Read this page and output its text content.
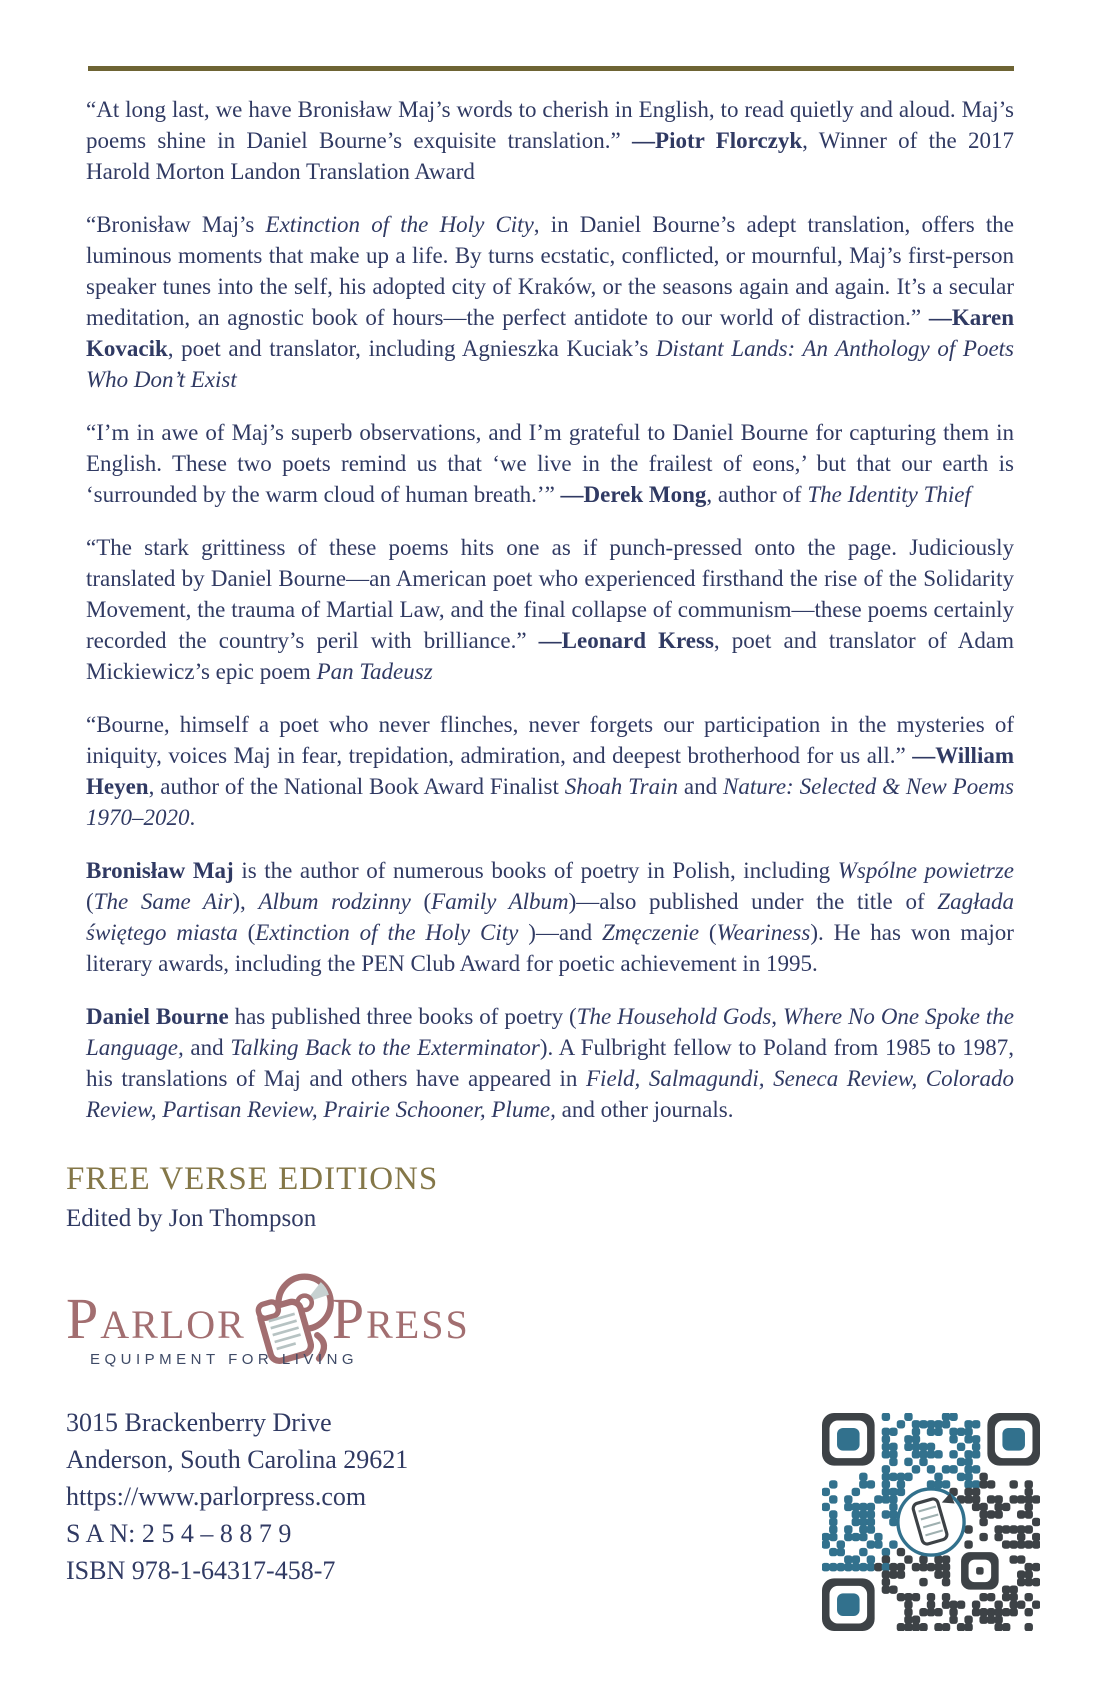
“At long last, we have Bronisław Maj’s words to cherish in English, to read quietly and aloud. Maj’s poems shine in Daniel Bourne’s exquisite translation.” —Piotr Florczyk, Winner of the 2017 Harold Morton Landon Translation Award

“Bronisław Maj’s Extinction of the Holy City, in Daniel Bourne’s adept translation, offers the luminous moments that make up a life. By turns ecstatic, conflicted, or mournful, Maj’s first-person speaker tunes into the self, his adopted city of Kraków, or the seasons again and again. It’s a secular meditation, an agnostic book of hours—the perfect antidote to our world of distraction.” —Karen Kovacik, poet and translator, including Agnieszka Kuciak’s Distant Lands: An Anthology of Poets Who Don’t Exist

“I’m in awe of Maj’s superb observations, and I’m grateful to Daniel Bourne for capturing them in English. These two poets remind us that ‘we live in the frailest of eons,’ but that our earth is ‘surrounded by the warm cloud of human breath.’” —Derek Mong, author of The Identity Thief

“The stark grittiness of these poems hits one as if punch-pressed onto the page. Judiciously translated by Daniel Bourne—an American poet who experienced firsthand the rise of the Solidarity Movement, the trauma of Martial Law, and the final collapse of communism—these poems certainly recorded the country’s peril with brilliance.” —Leonard Kress, poet and translator of Adam Mickiewicz’s epic poem Pan Tadeusz

“Bourne, himself a poet who never flinches, never forgets our participation in the mysteries of iniquity, voices Maj in fear, trepidation, admiration, and deepest brotherhood for us all.” —William Heyen, author of the National Book Award Finalist Shoah Train and Nature: Selected & New Poems 1970–2020.

Bronisław Maj is the author of numerous books of poetry in Polish, including Wspólne powietrze (The Same Air), Album rodzinny (Family Album)—also published under the title of Zagłada świętego miasta (Extinction of the Holy City )—and Zmęczenie (Weariness). He has won major literary awards, including the PEN Club Award for poetic achievement in 1995.

Daniel Bourne has published three books of poetry (The Household Gods, Where No One Spoke the Language, and Talking Back to the Exterminator). A Fulbright fellow to Poland from 1985 to 1987, his translations of Maj and others have appeared in Field, Salmagundi, Seneca Review, Colorado Review, Partisan Review, Prairie Schooner, Plume, and other journals.

FREE VERSE EDITIONS
Edited by Jon Thompson
PARLOR PRESS
EQUIPMENT FOR LIVING
3015 Brackenberry Drive
Anderson, South Carolina 29621
https://www.parlorpress.com
S A N: 2 5 4 – 8 8 7 9
ISBN 978-1-64317-458-7
